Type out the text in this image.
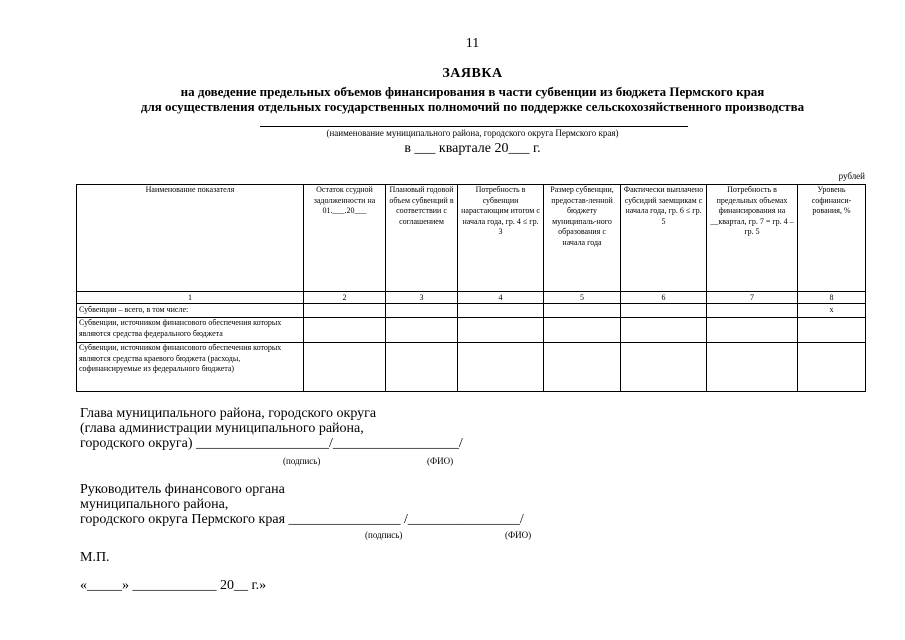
11
ЗАЯВКА
на доведение предельных объемов финансирования в части субвенции из бюджета Пермского края
для осуществления отдельных государственных полномочий по поддержке сельскохозяйственного производства
(наименование муниципального района, городского округа Пермского края)
в ___ квартале 20___ г.
рублей
Наименование показателя	Остаток ссудной задолженности на 01.___.20___	Плановый годовой объем субвенций в соответствии с соглашением	Потребность в субвенции нарастающим итогом с начала года, гр. 4 ≤ гр. 3	Размер субвенции, предостав-ленной бюджету муниципаль-ного образования с начала года	Фактически выплачено субсидий заемщикам с начала года, гр. 6 ≤ гр. 5	Потребность в предельных объемах финансирования на __квартал, гр. 7 = гр. 4 – гр. 5	Уровень софинанси-рования, %
1	2	3	4	5	6	7	8
Субвенции – всего, в том числе:							x
Субвенции, источником финансового обеспечения которых являются средства федерального бюджета							
Субвенции, источником финансового обеспечения которых являются средства краевого бюджета (расходы, софинансируемые из федерального бюджета)							
Глава муниципального района, городского округа
(глава администрации муниципального района,
городского округа) ___________________/__________________/
(подпись)	(ФИО)
Руководитель финансового органа
муниципального района,
городского округа Пермского края ________________ /________________/
(подпись)	(ФИО)
М.П.
«_____» ____________ 20__ г.»
